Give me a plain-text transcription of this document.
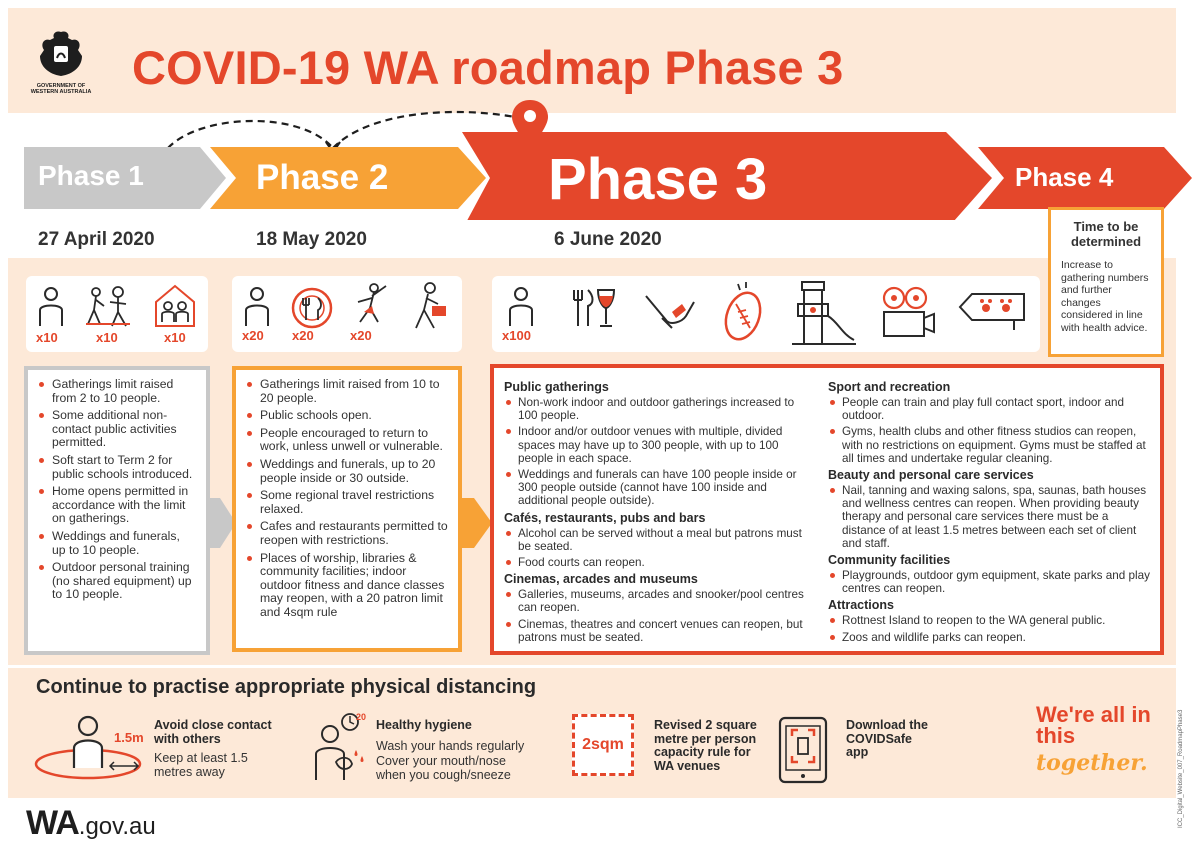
GOVERNMENT OF WESTERN AUSTRALIA COVID-19 WA roadmap Phase 3
Phase 1	Phase 2	Phase 3	Phase 4
27 April 2020	18 May 2020	6 June 2020
Time to be determined
Increase to gathering numbers and further changes considered in line with health advice.
x10	x10	x10	x20 x20	x20	x100
Gatherings limit raised from 2 to 10 people.
Some additional non-contact public activities permitted.
Soft start to Term 2 for public schools introduced.
Home opens permitted in accordance with the limit on gatherings.
Weddings and funerals, up to 10 people.
Outdoor personal training (no shared equipment) up to 10 people.
Gatherings limit raised from 10 to 20 people.
Public schools open.
People encouraged to return to work, unless unwell or vulnerable.
Weddings and funerals, up to 20 people inside or 30 outside.
Some regional travel restrictions relaxed.
Cafes and restaurants permitted to reopen with restrictions.
Places of worship, libraries & community facilities; indoor outdoor fitness and dance classes may reopen, with a 20 patron limit and 4sqm rule
Public gatherings
Non-work indoor and outdoor gatherings increased to 100 people.
Indoor and/or outdoor venues with multiple, divided spaces may have up to 300 people, with up to 100 people in each space.
Weddings and funerals can have 100 people inside or 300 people outside (cannot have 100 inside and additional people outside).
Cafés, restaurants, pubs and bars
Alcohol can be served without a meal but patrons must be seated.
Food courts can reopen.
Cinemas, arcades and museums
Galleries, museums, arcades and snooker/pool centres can reopen.
Cinemas, theatres and concert venues can reopen, but patrons must be seated.
Sport and recreation
People can train and play full contact sport, indoor and outdoor.
Gyms, health clubs and other fitness studios can reopen, with no restrictions on equipment. Gyms must be staffed at all times and undertake regular cleaning.
Beauty and personal care services
Nail, tanning and waxing salons, spa, saunas, bath houses and wellness centres can reopen. When providing beauty therapy and personal care services there must be a distance of at least 1.5 metres between each set of client and staff.
Community facilities
Playgrounds, outdoor gym equipment, skate parks and play centres can reopen.
Attractions
Rottnest Island to reopen to the WA general public.
Zoos and wildlife parks can reopen.
Continue to practise appropriate physical distancing
1.5m
Avoid close contact with others
Keep at least 1.5 metres away
20
Healthy hygiene
Wash your hands regularly
Cover your mouth/nose when you cough/sneeze
2sqm
Revised 2 square metre per person capacity rule for WA venues
Download the COVIDSafe app
We're all in this
together.
WA.gov.au	ICC_Digital_Website_007_RoadmapPhase3
